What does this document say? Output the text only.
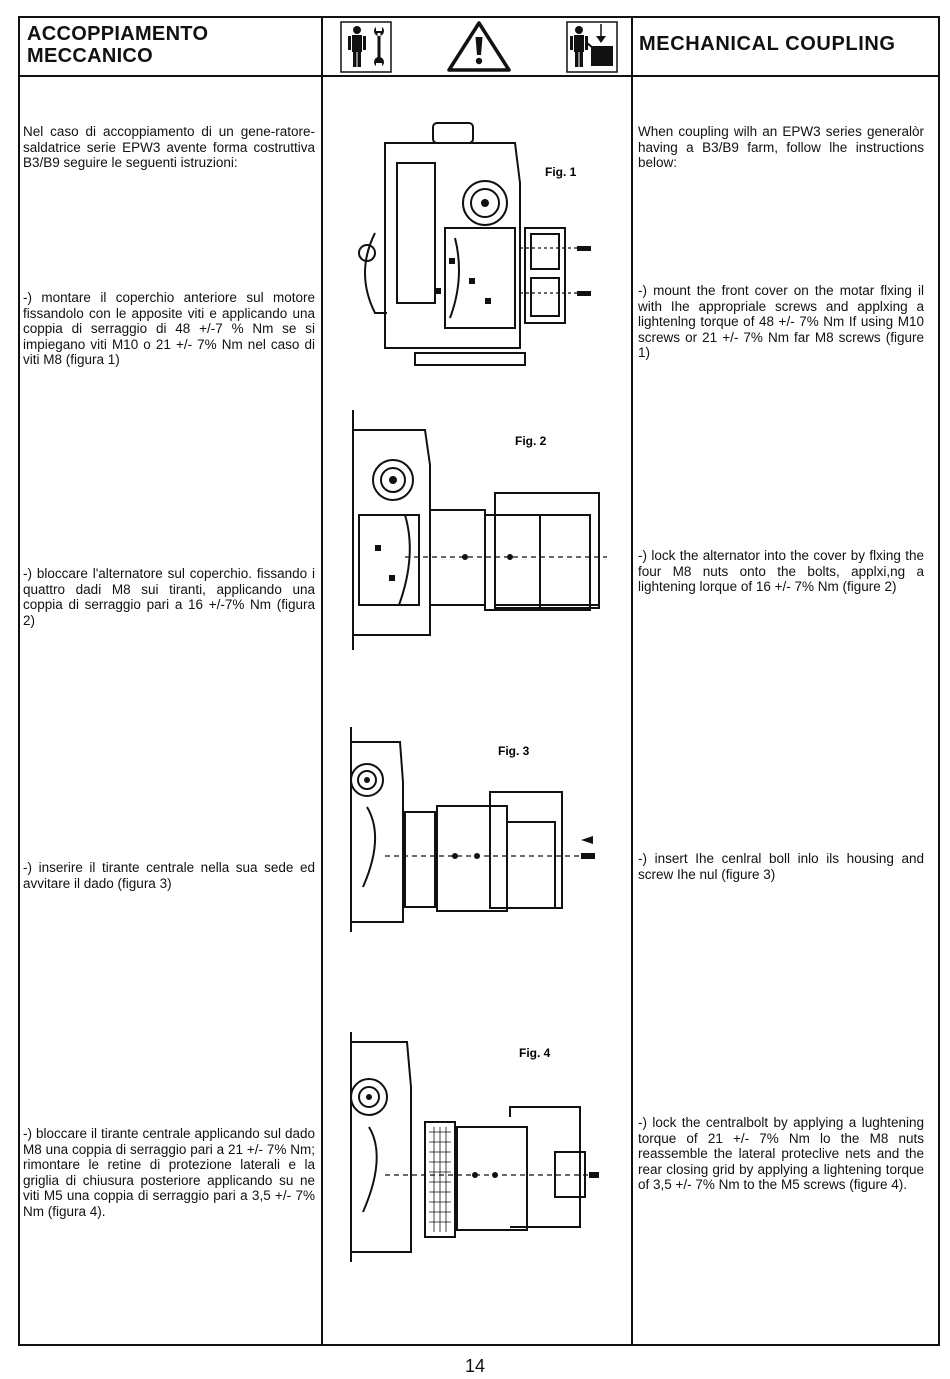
ACCOPPIAMENTO
MECCANICO
MECHANICAL COUPLING
Nel caso di accoppiamento di un gene-ratore-saldatrice serie EPW3 avente forma costruttiva B3/B9 seguire le seguenti istruzioni:
-) montare il coperchio anteriore sul motore fissandolo con le apposite viti e applicando una coppia di serraggio di 48 +/-7 % Nm se si impiegano viti M10 o 21 +/- 7% Nm nel caso di viti M8 (figura 1)
-) bloccare l'alternatore sul coperchio. fissando i quattro dadi M8 sui tiranti, applicando una coppia di serraggio pari a 16 +/-7% Nm (figura 2)
-) inserire il tirante centrale nella sua sede ed avvitare il dado (figura 3)
-) bloccare il tirante centrale applicando sul dado M8 una coppia di serraggio pari a 21 +/- 7% Nm; rimontare le retine di protezione laterali e la griglia di chiusura posteriore applicando su ne viti M5 una coppia di serraggio pari a 3,5 +/- 7% Nm (figura 4).
When coupling wilh an EPW3 series generalòr having a B3/B9 farm, follow lhe instructions below:
-) mount the front cover on the motar flxing il with Ihe appropriale screws and applxing a lightenlng torque of 48 +/- 7% Nm If using M10 screws or 21 +/- 7% Nm far M8 screws (figure 1)
-) lock the alternator into the cover by flxing the four M8 nuts onto the bolts, applxi,ng a lightening lorque of 16 +/- 7% Nm (figure 2)
-) insert Ihe cenlral boll inlo ils housing and screw Ihe nul (figure 3)
-) lock the centralbolt by applying a lughtening torque of 21 +/- 7% Nm lo the M8 nuts reassemble the lateral proteclive nets and the rear closing grid by applying a lightening torque of 3,5 +/- 7% Nm to the M5 screws (figure 4).
Fig. 1
Fig. 2
Fig. 3
Fig. 4
14
